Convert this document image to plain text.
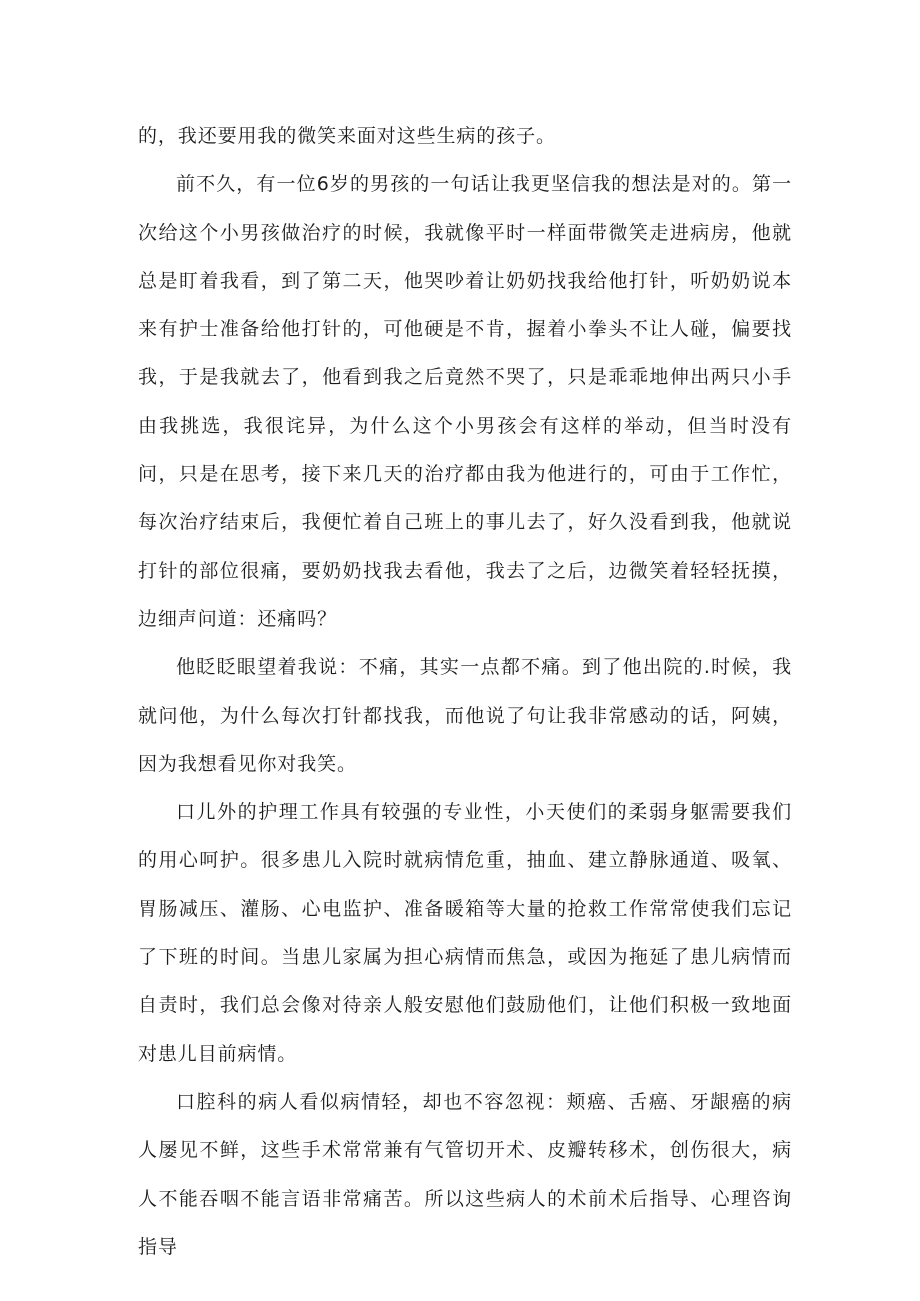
的，我还要用我的微笑来面对这些生病的孩子。

前不久，有一位6岁的男孩的一句话让我更坚信我的想法是对的。第一次给这个小男孩做治疗的时候，我就像平时一样面带微笑走进病房，他就总是盯着我看，到了第二天，他哭吵着让奶奶找我给他打针，听奶奶说本来有护士准备给他打针的，可他硬是不肯，握着小拳头不让人碰，偏要找我，于是我就去了，他看到我之后竟然不哭了，只是乖乖地伸出两只小手由我挑选，我很诧异，为什么这个小男孩会有这样的举动，但当时没有问，只是在思考，接下来几天的治疗都由我为他进行的，可由于工作忙，每次治疗结束后，我便忙着自己班上的事儿去了，好久没看到我，他就说打针的部位很痛，要奶奶找我去看他，我去了之后，边微笑着轻轻抚摸，边细声问道：还痛吗？

他眨眨眼望着我说：不痛，其实一点都不痛。到了他出院的.时候，我就问他，为什么每次打针都找我，而他说了句让我非常感动的话，阿姨，因为我想看见你对我笑。

口儿外的护理工作具有较强的专业性，小天使们的柔弱身躯需要我们的用心呵护。很多患儿入院时就病情危重，抽血、建立静脉通道、吸氧、胃肠减压、灌肠、心电监护、准备暖箱等大量的抢救工作常常使我们忘记了下班的时间。当患儿家属为担心病情而焦急，或因为拖延了患儿病情而自责时，我们总会像对待亲人般安慰他们鼓励他们，让他们积极一致地面对患儿目前病情。

口腔科的病人看似病情轻，却也不容忽视：颊癌、舌癌、牙龈癌的病人屡见不鲜，这些手术常常兼有气管切开术、皮瓣转移术，创伤很大，病人不能吞咽不能言语非常痛苦。所以这些病人的术前术后指导、心理咨询指导
